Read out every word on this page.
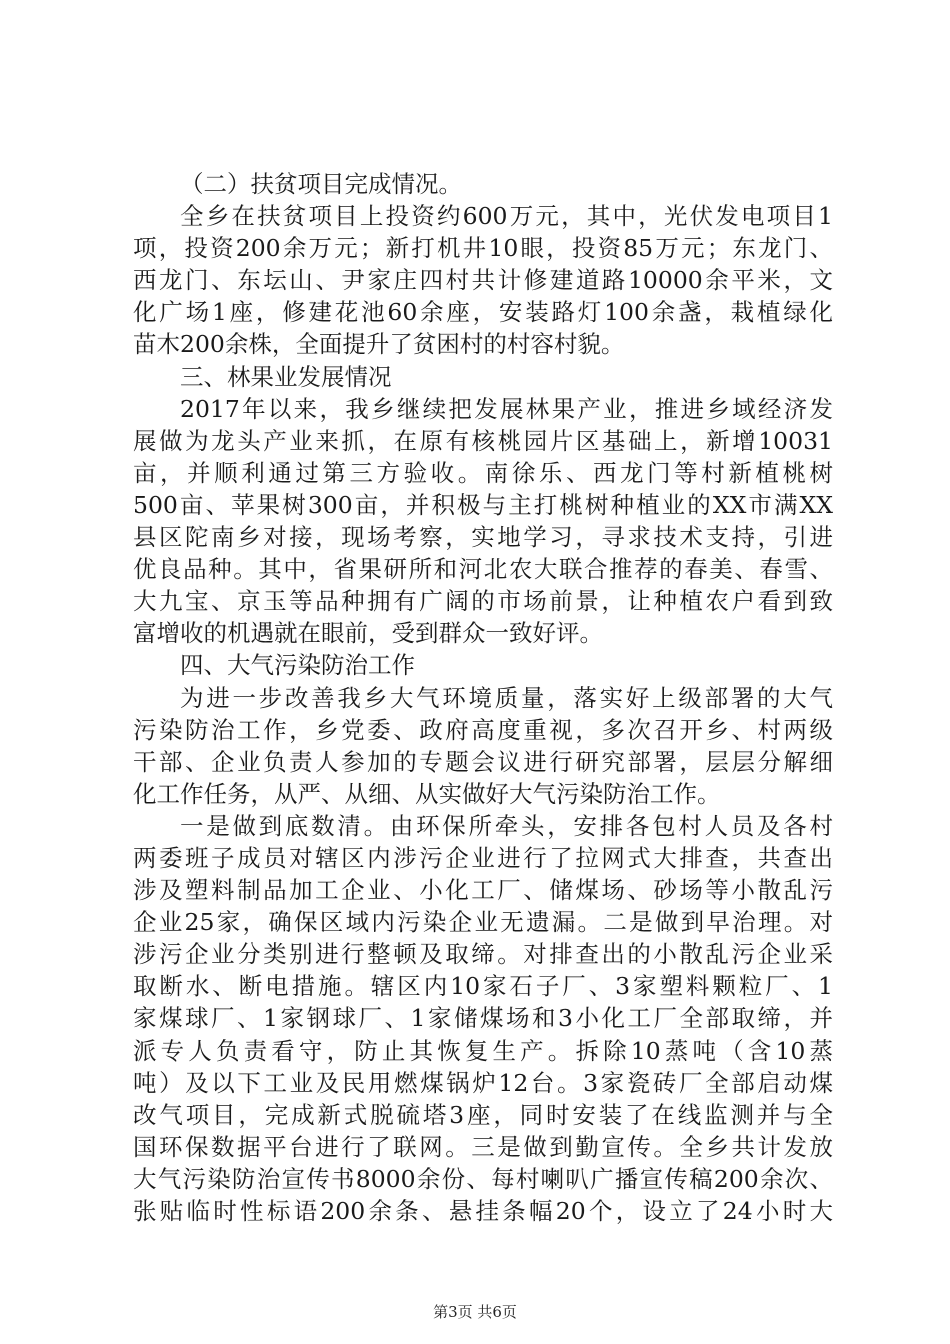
（二）扶贫项目完成情况。
全乡在扶贫项目上投资约600万元，其中，光伏发电项目1
项，投资200余万元；新打机井10眼，投资85万元；东龙门、
西龙门、东坛山、尹家庄四村共计修建道路10000余平米，文
化广场1座，修建花池60余座，安装路灯100余盏，栽植绿化
苗木200余株，全面提升了贫困村的村容村貌。
三、林果业发展情况
2017年以来，我乡继续把发展林果产业，推进乡域经济发
展做为龙头产业来抓，在原有核桃园片区基础上，新增10031
亩，并顺利通过第三方验收。南徐乐、西龙门等村新植桃树
500亩、苹果树300亩，并积极与主打桃树种植业的XX市满XX
县区陀南乡对接，现场考察，实地学习，寻求技术支持，引进
优良品种。其中，省果研所和河北农大联合推荐的春美、春雪、
大九宝、京玉等品种拥有广阔的市场前景，让种植农户看到致
富增收的机遇就在眼前，受到群众一致好评。
四、大气污染防治工作
为进一步改善我乡大气环境质量，落实好上级部署的大气
污染防治工作，乡党委、政府高度重视，多次召开乡、村两级
干部、企业负责人参加的专题会议进行研究部署，层层分解细
化工作任务，从严、从细、从实做好大气污染防治工作。
一是做到底数清。由环保所牵头，安排各包村人员及各村
两委班子成员对辖区内涉污企业进行了拉网式大排查，共查出
涉及塑料制品加工企业、小化工厂、储煤场、砂场等小散乱污
企业25家，确保区域内污染企业无遗漏。二是做到早治理。对
涉污企业分类别进行整顿及取缔。对排查出的小散乱污企业采
取断水、断电措施。辖区内10家石子厂、3家塑料颗粒厂、1
家煤球厂、1家钢球厂、1家储煤场和3小化工厂全部取缔，并
派专人负责看守，防止其恢复生产。拆除10蒸吨（含10蒸
吨）及以下工业及民用燃煤锅炉12台。3家瓷砖厂全部启动煤
改气项目，完成新式脱硫塔3座，同时安装了在线监测并与全
国环保数据平台进行了联网。三是做到勤宣传。全乡共计发放
大气污染防治宣传书8000余份、每村喇叭广播宣传稿200余次、
张贴临时性标语200余条、悬挂条幅20个，设立了24小时大
第3页 共6页
